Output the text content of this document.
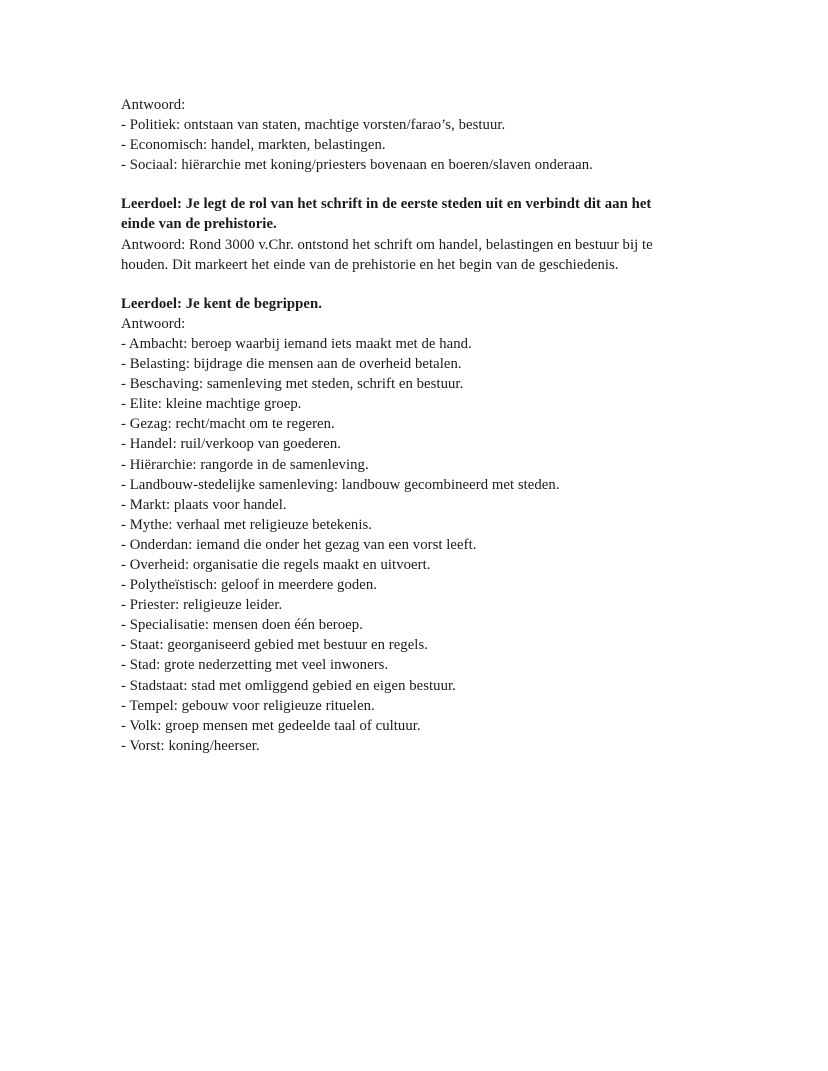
Antwoord:

- Politiek: ontstaan van staten, machtige vorsten/farao’s, bestuur.
- Economisch: handel, markten, belastingen.
- Sociaal: hiërarchie met koning/priesters bovenaan en boeren/slaven onderaan.

Leerdoel: Je legt de rol van het schrift in de eerste steden uit en verbindt dit aan het

einde van de prehistorie.

Antwoord: Rond 3000 v.Chr. ontstond het schrift om handel, belastingen en bestuur bij te

houden. Dit markeert het einde van de prehistorie en het begin van de geschiedenis.

Leerdoel: Je kent de begrippen.

Antwoord:

- Ambacht: beroep waarbij iemand iets maakt met de hand.
- Belasting: bijdrage die mensen aan de overheid betalen.
- Beschaving: samenleving met steden, schrift en bestuur.
- Elite: kleine machtige groep.
- Gezag: recht/macht om te regeren.
- Handel: ruil/verkoop van goederen.
- Hiërarchie: rangorde in de samenleving.
- Landbouw-stedelijke samenleving: landbouw gecombineerd met steden.
- Markt: plaats voor handel.
- Mythe: verhaal met religieuze betekenis.
- Onderdan: iemand die onder het gezag van een vorst leeft.
- Overheid: organisatie die regels maakt en uitvoert.
- Polytheïstisch: geloof in meerdere goden.
- Priester: religieuze leider.
- Specialisatie: mensen doen één beroep.
- Staat: georganiseerd gebied met bestuur en regels.
- Stad: grote nederzetting met veel inwoners.
- Stadstaat: stad met omliggend gebied en eigen bestuur.
- Tempel: gebouw voor religieuze rituelen.
- Volk: groep mensen met gedeelde taal of cultuur.
- Vorst: koning/heerser.
